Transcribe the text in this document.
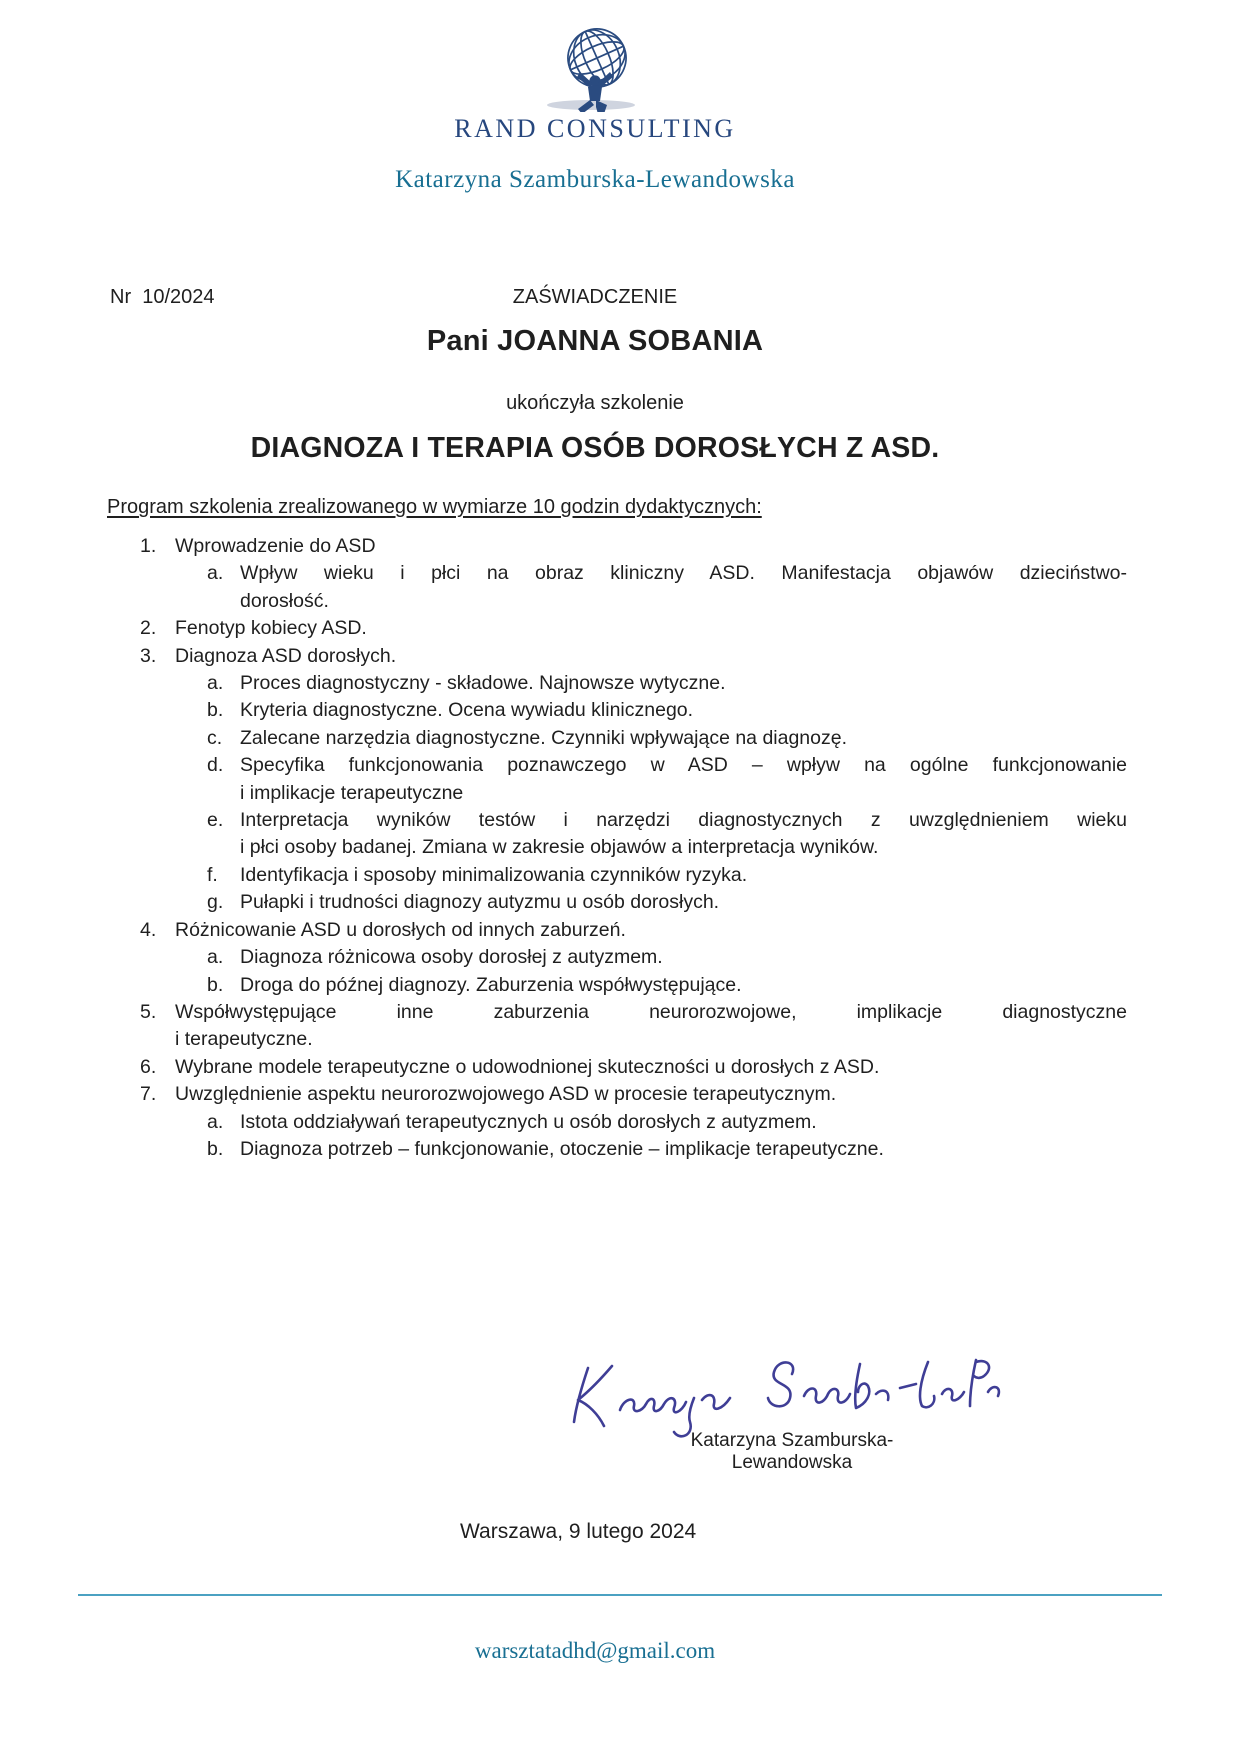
RAND CONSULTING
Katarzyna Szamburska-Lewandowska
Nr  10/2024	ZAŚWIADCZENIE
Pani JOANNA SOBANIA
ukończyła szkolenie
DIAGNOZA I TERAPIA OSÓB DOROSŁYCH Z ASD.
Program szkolenia zrealizowanego w wymiarze 10 godzin dydaktycznych:
1. Wprowadzenie do ASD
a. Wpływ wieku i płci na obraz kliniczny ASD. Manifestacja objawów dzieciństwo-
dorosłość.
2. Fenotyp kobiecy ASD.
3. Diagnoza ASD dorosłych.
a. Proces diagnostyczny - składowe. Najnowsze wytyczne.
b. Kryteria diagnostyczne. Ocena wywiadu klinicznego.
c. Zalecane narzędzia diagnostyczne. Czynniki wpływające na diagnozę.
d. Specyfika funkcjonowania poznawczego w ASD – wpływ na ogólne funkcjonowanie
i implikacje terapeutyczne
e. Interpretacja wyników testów i narzędzi diagnostycznych z uwzględnieniem wieku
i płci osoby badanej. Zmiana w zakresie objawów a interpretacja wyników.
f. Identyfikacja i sposoby minimalizowania czynników ryzyka.
g. Pułapki i trudności diagnozy autyzmu u osób dorosłych.
4. Różnicowanie ASD u dorosłych od innych zaburzeń.
a. Diagnoza różnicowa osoby dorosłej z autyzmem.
b. Droga do późnej diagnozy. Zaburzenia współwystępujące.
5. Współwystępujące inne zaburzenia neurorozwojowe, implikacje diagnostyczne
i terapeutyczne.
6. Wybrane modele terapeutyczne o udowodnionej skuteczności u dorosłych z ASD.
7. Uwzględnienie aspektu neurorozwojowego ASD w procesie terapeutycznym.
a. Istota oddziaływań terapeutycznych u osób dorosłych z autyzmem.
b. Diagnoza potrzeb – funkcjonowanie, otoczenie – implikacje terapeutyczne.
Katarzyna Szamburska-Lewandowska
Warszawa, 9 lutego 2024
warsztatadhd@gmail.com
